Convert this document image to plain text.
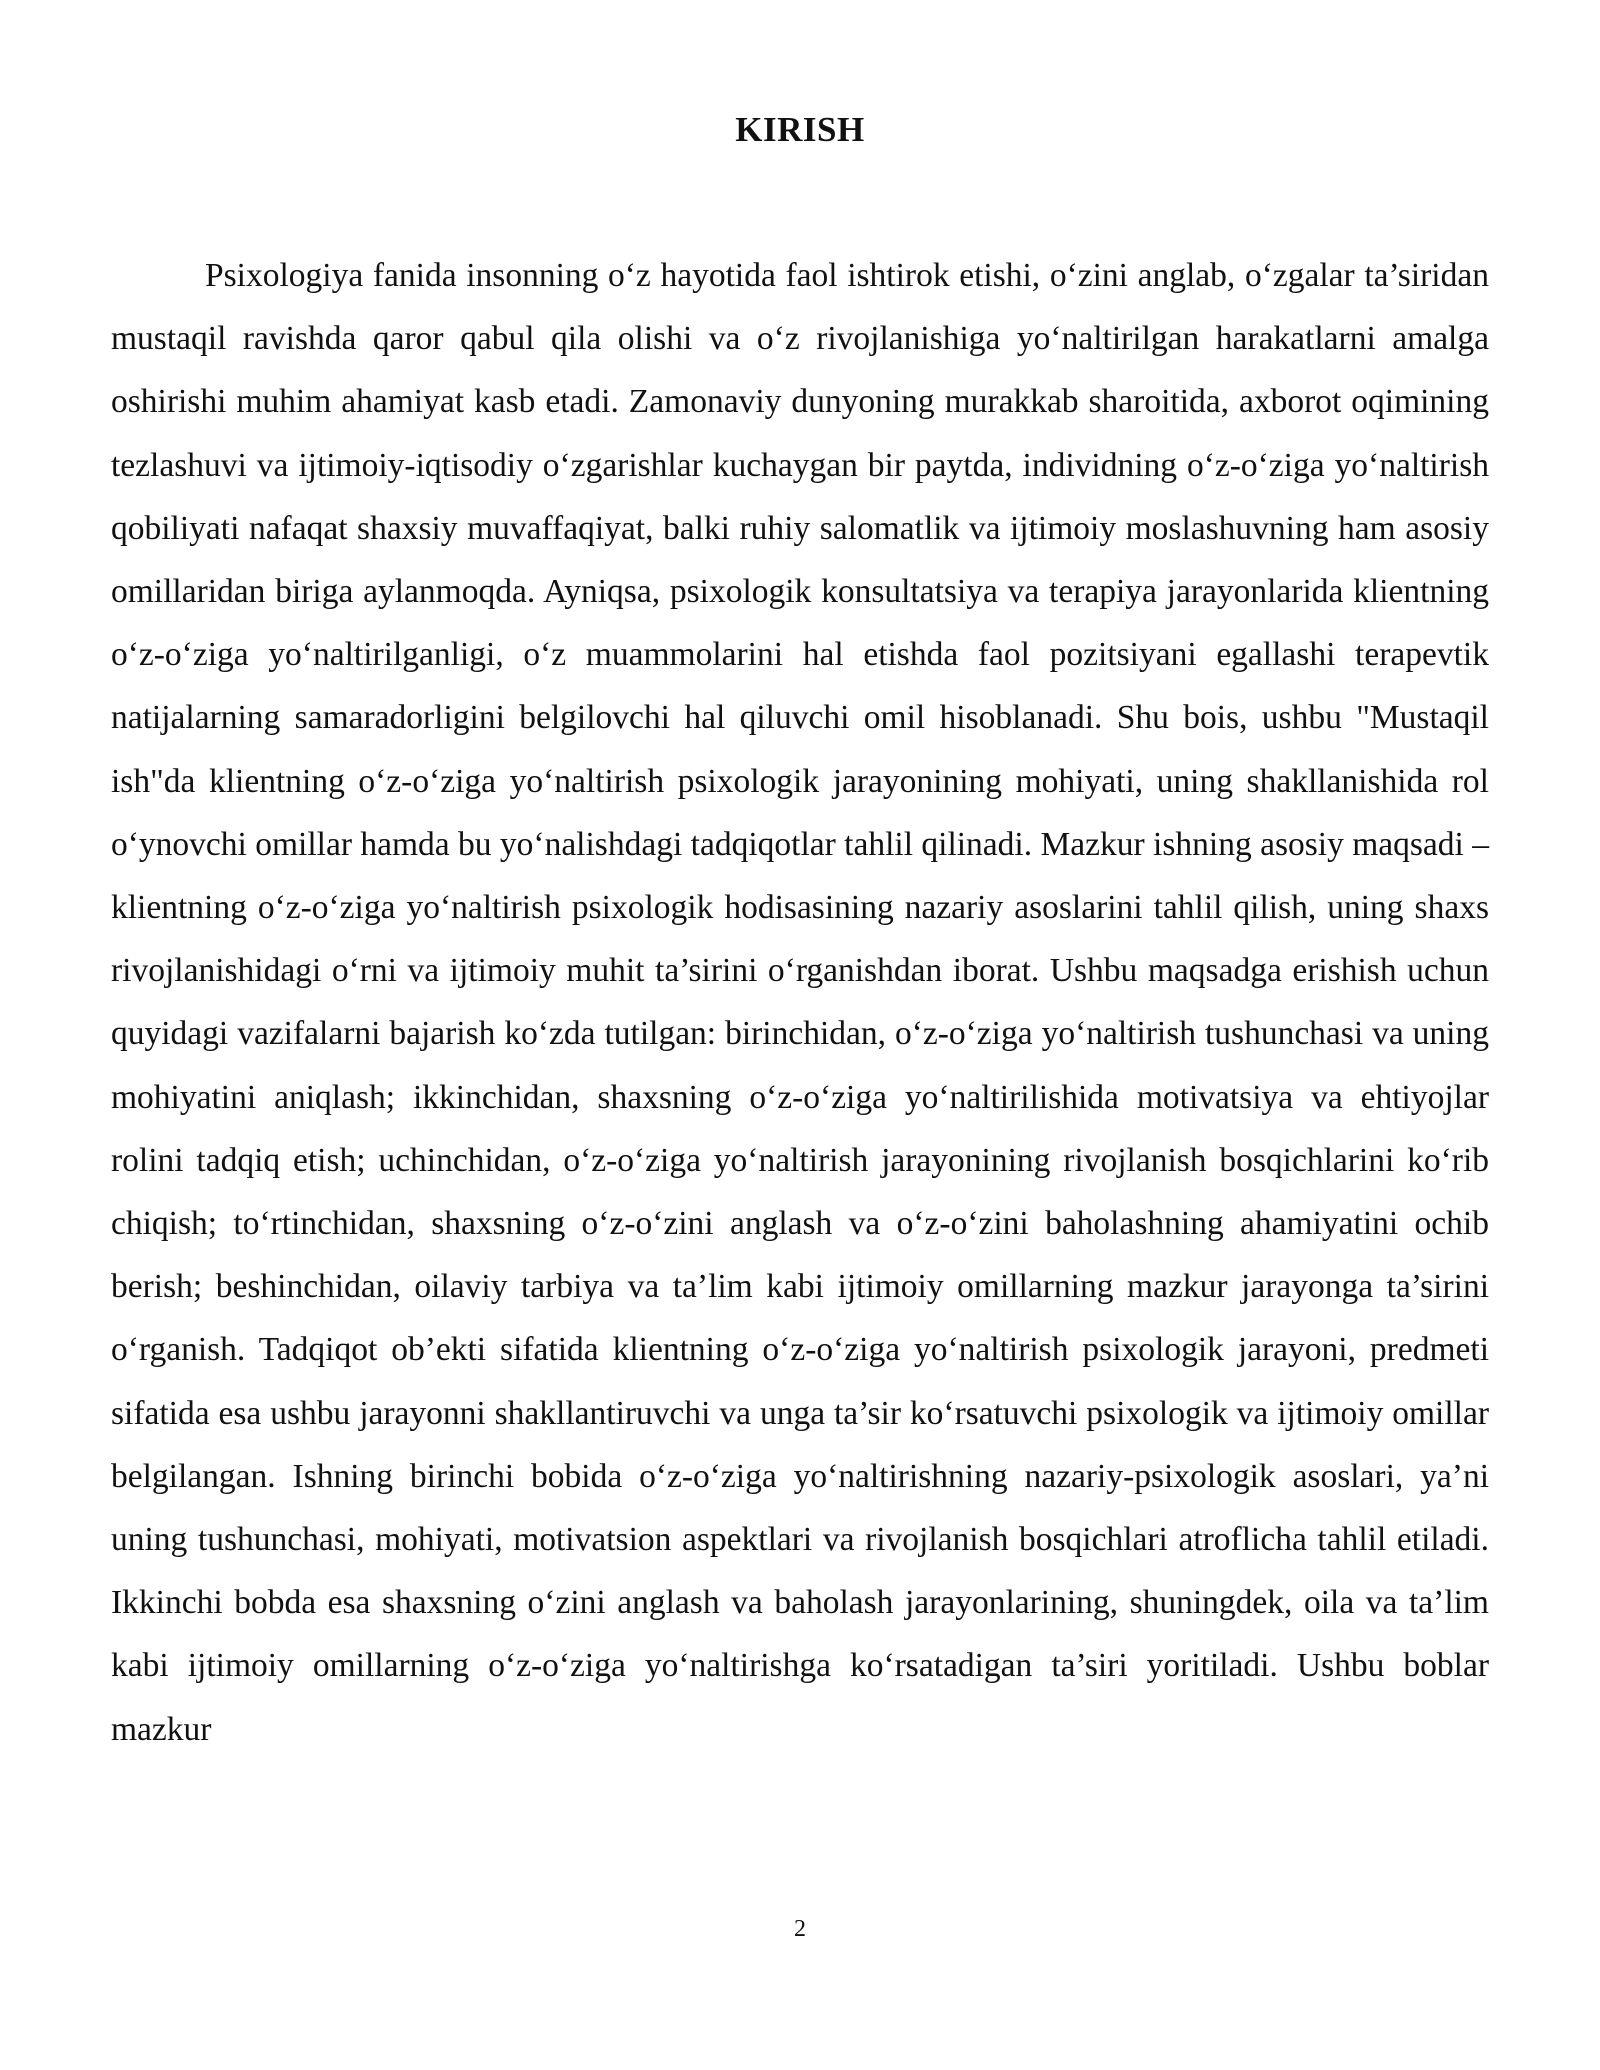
KIRISH

Psixologiya fanida insonning o‘z hayotida faol ishtirok etishi, o‘zini anglab, o‘zgalar ta’siridan mustaqil ravishda qaror qabul qila olishi va o‘z rivojlanishiga yo‘naltirilgan harakatlarni amalga oshirishi muhim ahamiyat kasb etadi. Zamonaviy dunyoning murakkab sharoitida, axborot oqimining tezlashuvi va ijtimoiy-iqtisodiy o‘zgarishlar kuchaygan bir paytda, individning o‘z-o‘ziga yo‘naltirish qobiliyati nafaqat shaxsiy muvaffaqiyat, balki ruhiy salomatlik va ijtimoiy moslashuvning ham asosiy omillaridan biriga aylanmoqda. Ayniqsa, psixologik konsultatsiya va terapiya jarayonlarida klientning o‘z-o‘ziga yo‘naltirilganligi, o‘z muammolarini hal etishda faol pozitsiyani egallashi terapevtik natijalarning samaradorligini belgilovchi hal qiluvchi omil hisoblanadi. Shu bois, ushbu "Mustaqil ish"da klientning o‘z-o‘ziga yo‘naltirish psixologik jarayonining mohiyati, uning shakllanishida rol o‘ynovchi omillar hamda bu yo‘nalishdagi tadqiqotlar tahlil qilinadi. Mazkur ishning asosiy maqsadi – klientning o‘z-o‘ziga yo‘naltirish psixologik hodisasining nazariy asoslarini tahlil qilish, uning shaxs rivojlanishidagi o‘rni va ijtimoiy muhit ta’sirini o‘rganishdan iborat. Ushbu maqsadga erishish uchun quyidagi vazifalarni bajarish ko‘zda tutilgan: birinchidan, o‘z-o‘ziga yo‘naltirish tushunchasi va uning mohiyatini aniqlash; ikkinchidan, shaxsning o‘z-o‘ziga yo‘naltirilishida motivatsiya va ehtiyojlar rolini tadqiq etish; uchinchidan, o‘z-o‘ziga yo‘naltirish jarayonining rivojlanish bosqichlarini ko‘rib chiqish; to‘rtinchidan, shaxsning o‘z-o‘zini anglash va o‘z-o‘zini baholashning ahamiyatini ochib berish; beshinchidan, oilaviy tarbiya va ta’lim kabi ijtimoiy omillarning mazkur jarayonga ta’sirini o‘rganish. Tadqiqot ob’ekti sifatida klientning o‘z-o‘ziga yo‘naltirish psixologik jarayoni, predmeti sifatida esa ushbu jarayonni shakllantiruvchi va unga ta’sir ko‘rsatuvchi psixologik va ijtimoiy omillar belgilangan. Ishning birinchi bobida o‘z-o‘ziga yo‘naltirishning nazariy-psixologik asoslari, ya’ni uning tushunchasi, mohiyati, motivatsion aspektlari va rivojlanish bosqichlari atroflicha tahlil etiladi. Ikkinchi bobda esa shaxsning o‘zini anglash va baholash jarayonlarining, shuningdek, oila va ta’lim kabi ijtimoiy omillarning o‘z-o‘ziga yo‘naltirishga ko‘rsatadigan ta’siri yoritiladi. Ushbu boblar mazkur

2
